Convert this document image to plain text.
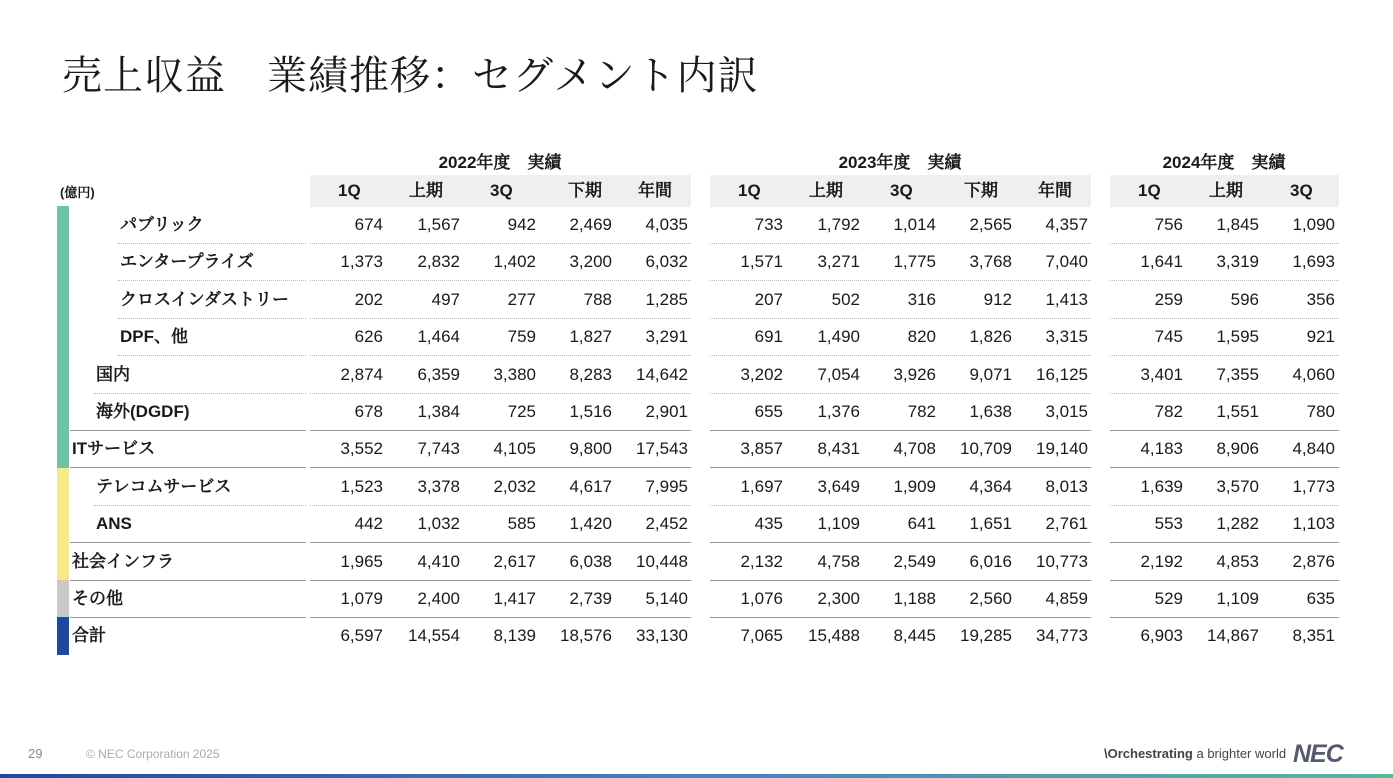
売上収益　業績推移：セグメント内訳
(億円)
2022年度　実績
1Q	上期	3Q	下期 年間
2023年度　実績
1Q	上期	3Q	下期 年間
2024年度　実績
1Q	上期	3Q
パブリック	674	1,567	942	2,469	4,035	733	1,792	1,014	2,565	4,357	756	1,845	1,090
エンタープライズ	1,373	2,832	1,402	3,200	6,032	1,571	3,271	1,775	3,768	7,040	1,641	3,319	1,693
クロスインダストリー	202	497	277	788	1,285	207	502	316	912	1,413	259	596	356
DPF、他	626	1,464	759	1,827	3,291	691	1,490	820	1,826	3,315	745	1,595	921
国内	2,874	6,359	3,380	8,283	14,642	3,202	7,054	3,926	9,071	16,125	3,401	7,355	4,060
海外(DGDF)	678	1,384	725	1,516	2,901	655	1,376	782	1,638	3,015	782	1,551	780
ITサービス	3,552	7,743	4,105	9,800	17,543	3,857	8,431	4,708	10,709	19,140	4,183	8,906	4,840
テレコムサービス	1,523	3,378	2,032	4,617	7,995	1,697	3,649	1,909	4,364	8,013	1,639	3,570	1,773
ANS	442	1,032	585	1,420	2,452	435	1,109	641	1,651	2,761	553	1,282	1,103
社会インフラ	1,965	4,410	2,617	6,038	10,448	2,132	4,758	2,549	6,016	10,773	2,192	4,853	2,876
その他	1,079	2,400	1,417	2,739	5,140	1,076	2,300	1,188	2,560	4,859	529	1,109	635
合計	6,597	14,554	8,139	18,576	33,130	7,065	15,488	8,445	19,285	34,773	6,903	14,867	8,351
29	© NEC Corporation 2025	\Orchestrating a brighter world NEC
